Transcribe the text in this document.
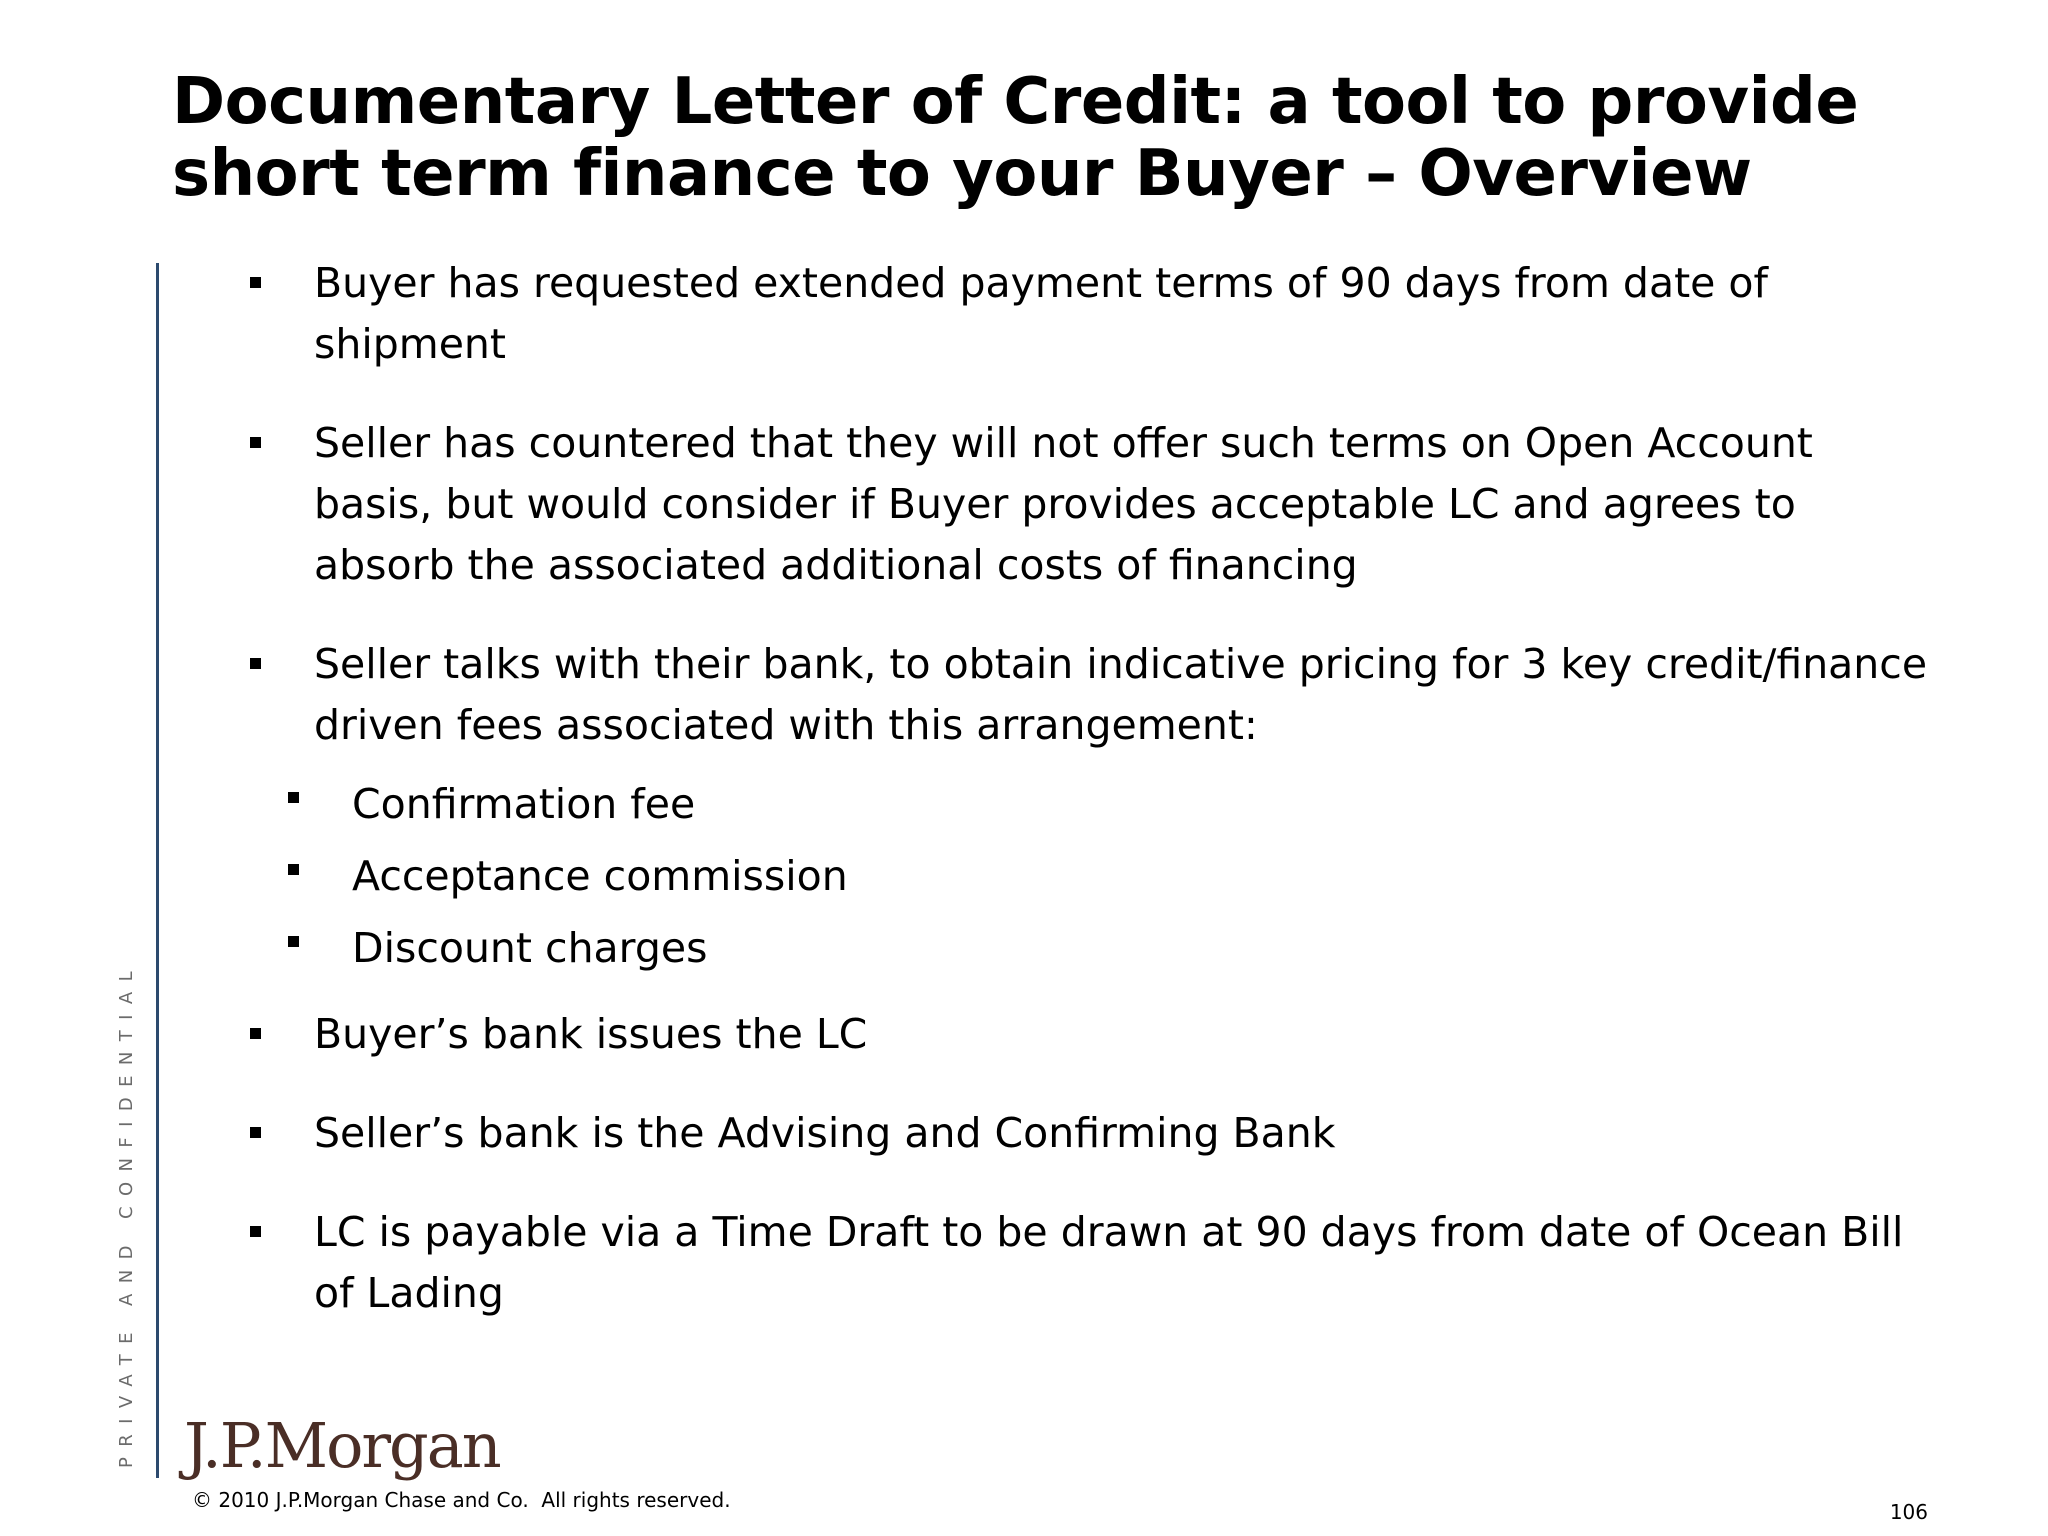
Documentary Letter of Credit: a tool to provide
short term finance to your Buyer – Overview
PRIVATE AND CONFIDENTIAL
Buyer has requested extended payment terms of 90 days from date of shipment
Seller has countered that they will not offer such terms on Open Account basis, but would consider if Buyer provides acceptable LC and agrees to absorb the associated additional costs of financing
Seller talks with their bank, to obtain indicative pricing for 3 key credit/finance driven fees associated with this arrangement:
Confirmation fee
Acceptance commission
Discount charges
Buyer’s bank issues the LC
Seller’s bank is the Advising and Confirming Bank
LC is payable via a Time Draft to be drawn at 90 days from date of Ocean Bill of Lading
J.P.Morgan
© 2010 J.P.Morgan Chase and Co.  All rights reserved.	106
